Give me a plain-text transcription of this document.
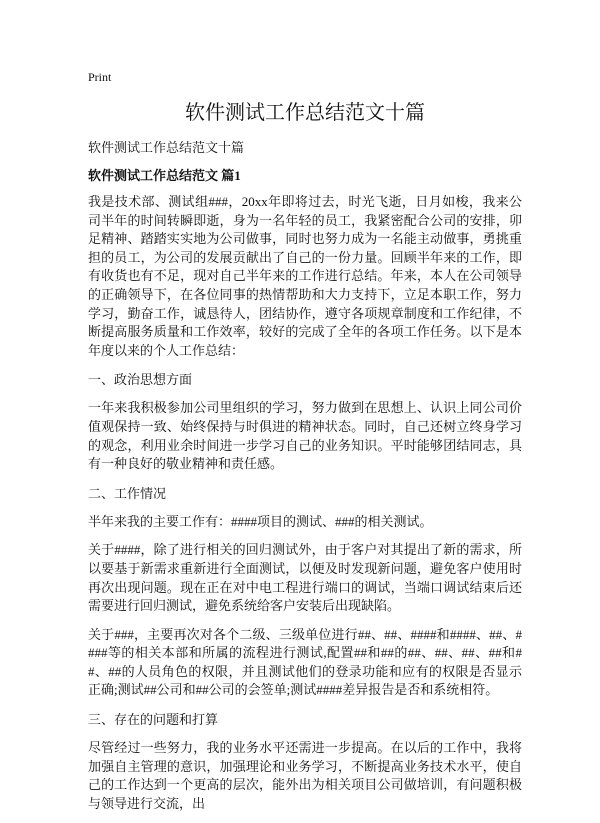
Print
软件测试工作总结范文十篇
软件测试工作总结范文十篇
软件测试工作总结范文 篇1

我是技术部、测试组###，20xx年即将过去，时光飞逝，日月如梭，我来公司半年的时间转瞬即逝，身为一名年轻的员工，我紧密配合公司的安排，卯足精神、踏踏实实地为公司做事，同时也努力成为一名能主动做事，勇挑重担的员工，为公司的发展贡献出了自己的一份力量。回顾半年来的工作，即有收货也有不足，现对自己半年来的工作进行总结。年来，本人在公司领导的正确领导下，在各位同事的热情帮助和大力支持下，立足本职工作，努力学习，勤奋工作，诚恳待人，团结协作，遵守各项规章制度和工作纪律，不断提高服务质量和工作效率，较好的完成了全年的各项工作任务。以下是本年度以来的个人工作总结：

一、政治思想方面

一年来我积极参加公司里组织的学习，努力做到在思想上、认识上同公司价值观保持一致、始终保持与时俱进的精神状态。同时，自己还树立终身学习的观念，利用业余时间进一步学习自己的业务知识。平时能够团结同志，具有一种良好的敬业精神和责任感。

二、工作情况

半年来我的主要工作有：####项目的测试、###的相关测试。

关于####，除了进行相关的回归测试外，由于客户对其提出了新的需求，所以要基于新需求重新进行全面测试，以便及时发现新问题，避免客户使用时再次出现问题。现在正在对中电工程进行端口的调试，当端口调试结束后还需要进行回归测试，避免系统给客户安装后出现缺陷。

关于###，主要再次对各个二级、三级单位进行##、##、####和####、##、####等的相关本部和所属的流程进行测试,配置##和##的##、##、##、##和##、##的人员角色的权限，并且测试他们的登录功能和应有的权限是否显示正确;测试##公司和##公司的会签单;测试####差异报告是否和系统相符。

三、存在的问题和打算

尽管经过一些努力，我的业务水平还需进一步提高。在以后的工作中，我将加强自主管理的意识，加强理论和业务学习，不断提高业务技术水平，使自己的工作达到一个更高的层次，能外出为相关项目公司做培训，有问题积极与领导进行交流，出
